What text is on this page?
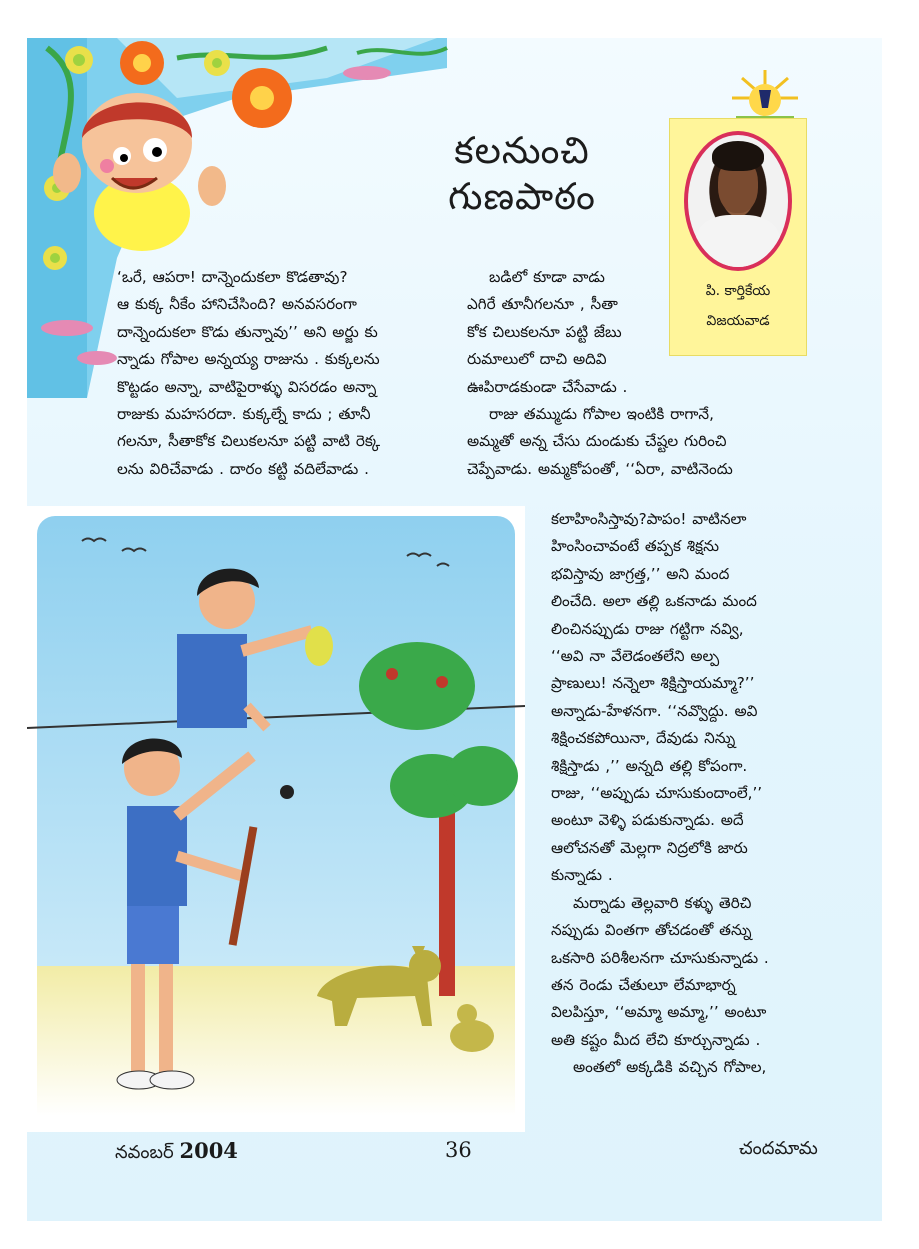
కలనుంచి
గుణపాఠం
పి. కార్తికేయ
విజయవాడ

‘ఒరే, ఆపరా! దాన్నెందుకలా కొడతావు?

ఆ కుక్క నీకేం హానిచేసింది? అనవసరంగా

దాన్నెందుకలా కొడు తున్నావు’’ అని అర్జు కు

న్నాడు గోపాల అన్నయ్య రాజును . కుక్కలను

కొట్టడం అన్నా, వాటిపైరాళ్ళు విసరడం అన్నా

రాజుకు మహసరదా. కుక్కల్నే కాదు ; తూనీ

గలనూ, సీతాకోక చిలుకలనూ పట్టి వాటి రెక్క

లను విరిచేవాడు . దారం కట్టి వదిలేవాడు .

బడిలో కూడా వాడు

ఎగిరే తూనీగలనూ , సీతా

కోక చిలుకలనూ పట్టి జేబు

రుమాలులో దాచి అదివి

ఊపిరాడకుండా చేసేవాడు .

రాజు తమ్ముడు గోపాల ఇంటికి రాగానే,

అమ్మతో అన్న చేసు దుండుకు చేష్టల గురించి

చెప్పేవాడు. అమ్మకోపంతో, ‘‘ఏరా, వాటినెందు

కలాహింసిస్తావు?పాపం! వాటినలా

హింసించావంటే తప్పక శిక్షను

భవిస్తావు జాగ్రత్త,’’ అని మంద

లించేది. అలా తల్లి ఒకనాడు మంద

లించినప్పుడు రాజు గట్టిగా నవ్వి,

‘‘అవి నా వేలెడంతలేని అల్ప

ప్రాణులు! నన్నెలా శిక్షిస్తాయమ్మా?’’

అన్నాడు-హేళనగా. ‘‘నవ్వొద్దు. అవి

శిక్షించకపోయినా, దేవుడు నిన్ను

శిక్షిస్తాడు ,’’ అన్నది తల్లి కోపంగా.

రాజు, ‘‘అప్పుడు చూసుకుందాంలే,’’

అంటూ వెళ్ళి పడుకున్నాడు. అదే

ఆలోచనతో మెల్లగా నిద్రలోకి జారు

కున్నాడు .

మర్నాడు తెల్లవారి కళ్ళు తెరిచి

నప్పుడు వింతగా తోచడంతో తన్ను

ఒకసారి పరిశీలనగా చూసుకున్నాడు .

తన రెండు చేతులూ లేమాభార్న

విలపిస్తూ, ‘‘అమ్మా అమ్మా,’’ అంటూ

అతి కష్టం మీద లేచి కూర్చున్నాడు .

అంతలో అక్కడికి వచ్చిన గోపాల,

నవంబర్ 2004	36	చందమామ
